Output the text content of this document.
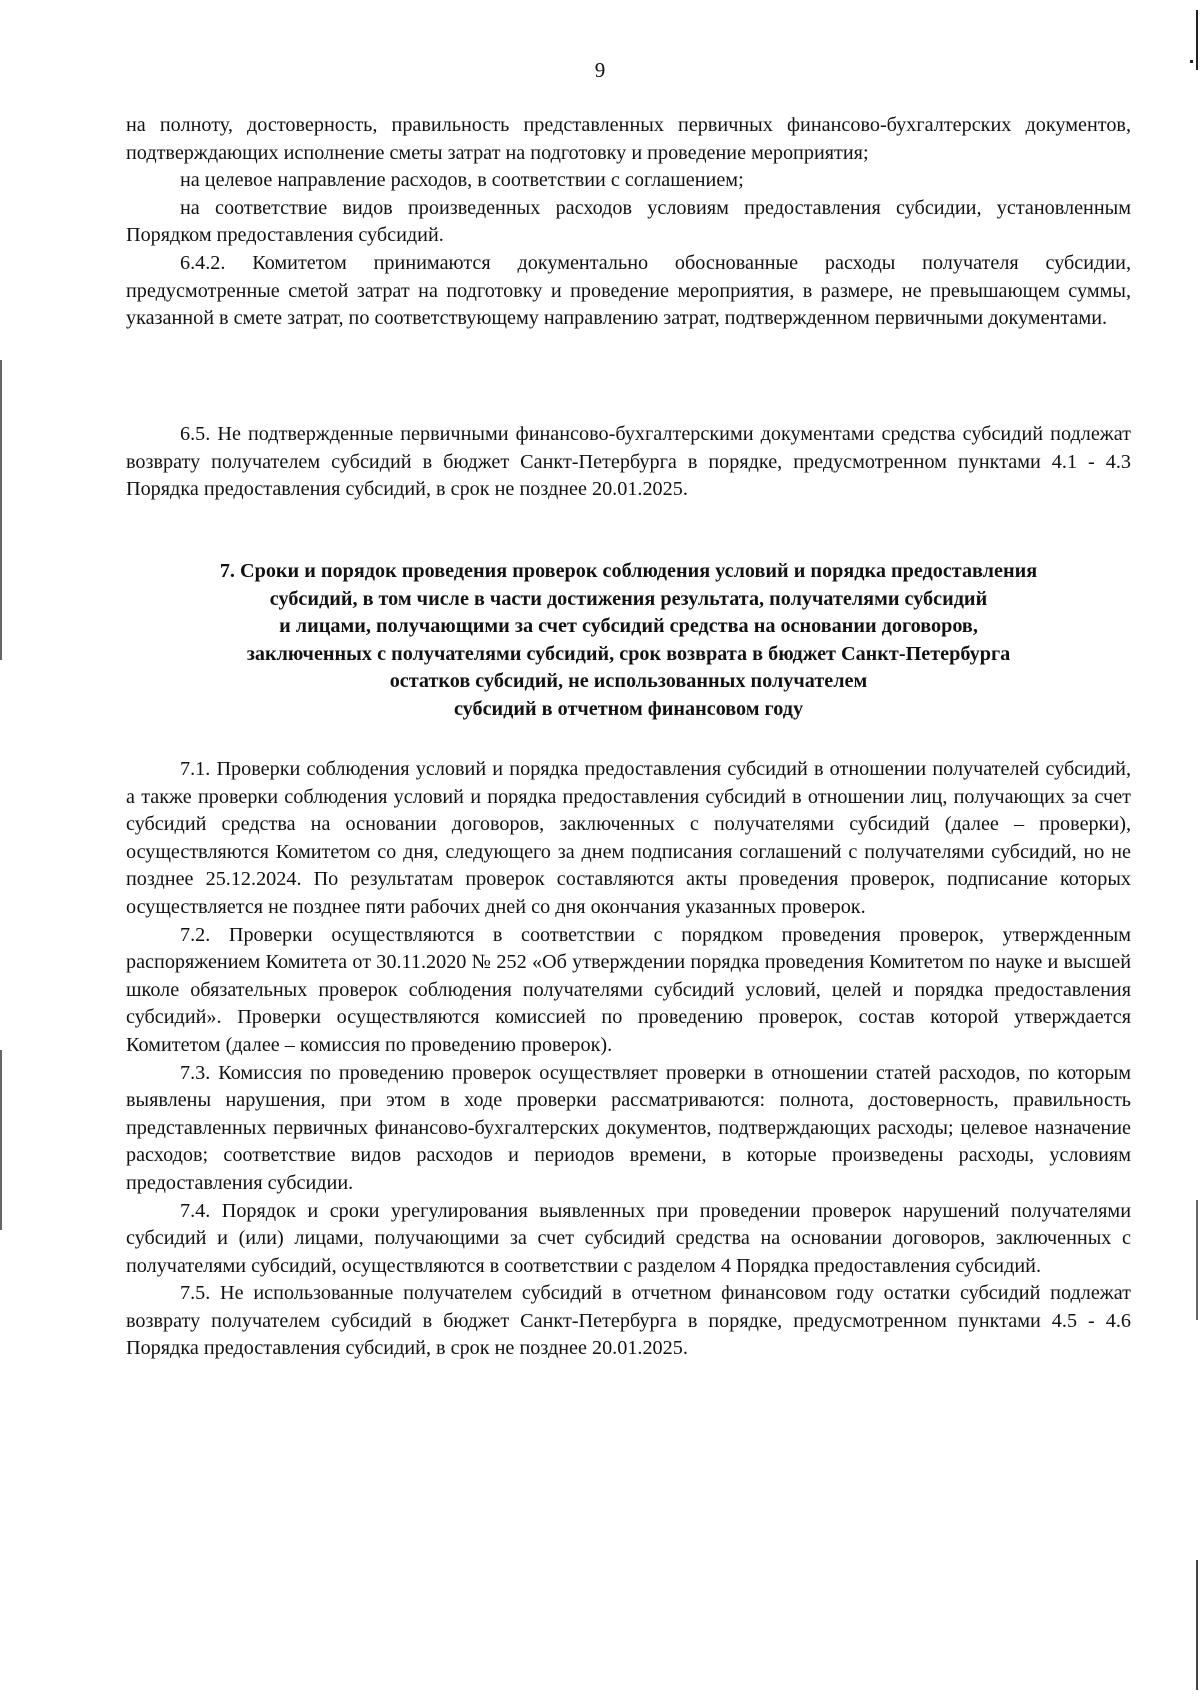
9

на полноту, достоверность, правильность представленных первичных финансово-бухгалтерских документов, подтверждающих исполнение сметы затрат на подготовку и проведение мероприятия;

на целевое направление расходов, в соответствии с соглашением;

на соответствие видов произведенных расходов условиям предоставления субсидии, установленным Порядком предоставления субсидий.

6.4.2. Комитетом принимаются документально обоснованные расходы получателя субсидии, предусмотренные сметой затрат на подготовку и проведение мероприятия, в размере, не превышающем суммы, указанной в смете затрат, по соответствующему направлению затрат, подтвержденном первичными документами.

6.5. Не подтвержденные первичными финансово-бухгалтерскими документами средства субсидий подлежат возврату получателем субсидий в бюджет Санкт-Петербурга в порядке, предусмотренном пунктами 4.1 - 4.3 Порядка предоставления субсидий, в срок не позднее 20.01.2025.

7. Сроки и порядок проведения проверок соблюдения условий и порядка предоставления
субсидий, в том числе в части достижения результата, получателями субсидий
и лицами, получающими за счет субсидий средства на основании договоров,
заключенных с получателями субсидий, срок возврата в бюджет Санкт-Петербурга
остатков субсидий, не использованных получателем
субсидий в отчетном финансовом году

7.1. Проверки соблюдения условий и порядка предоставления субсидий в отношении получателей субсидий, а также проверки соблюдения условий и порядка предоставления субсидий в отношении лиц, получающих за счет субсидий средства на основании договоров, заключенных с получателями субсидий (далее – проверки), осуществляются Комитетом со дня, следующего за днем подписания соглашений с получателями субсидий, но не позднее 25.12.2024. По результатам проверок составляются акты проведения проверок, подписание которых осуществляется не позднее пяти рабочих дней со дня окончания указанных проверок.

7.2. Проверки осуществляются в соответствии с порядком проведения проверок, утвержденным распоряжением Комитета от 30.11.2020 № 252 «Об утверждении порядка проведения Комитетом по науке и высшей школе обязательных проверок соблюдения получателями субсидий условий, целей и порядка предоставления субсидий». Проверки осуществляются комиссией по проведению проверок, состав которой утверждается Комитетом (далее – комиссия по проведению проверок).

7.3. Комиссия по проведению проверок осуществляет проверки в отношении статей расходов, по которым выявлены нарушения, при этом в ходе проверки рассматриваются: полнота, достоверность, правильность представленных первичных финансово-бухгалтерских документов, подтверждающих расходы; целевое назначение расходов; соответствие видов расходов и периодов времени, в которые произведены расходы, условиям предоставления субсидии.

7.4. Порядок и сроки урегулирования выявленных при проведении проверок нарушений получателями субсидий и (или) лицами, получающими за счет субсидий средства на основании договоров, заключенных с получателями субсидий, осуществляются в соответствии с разделом 4 Порядка предоставления субсидий.

7.5. Не использованные получателем субсидий в отчетном финансовом году остатки субсидий подлежат возврату получателем субсидий в бюджет Санкт-Петербурга в порядке, предусмотренном пунктами 4.5 - 4.6 Порядка предоставления субсидий, в срок не позднее 20.01.2025.
